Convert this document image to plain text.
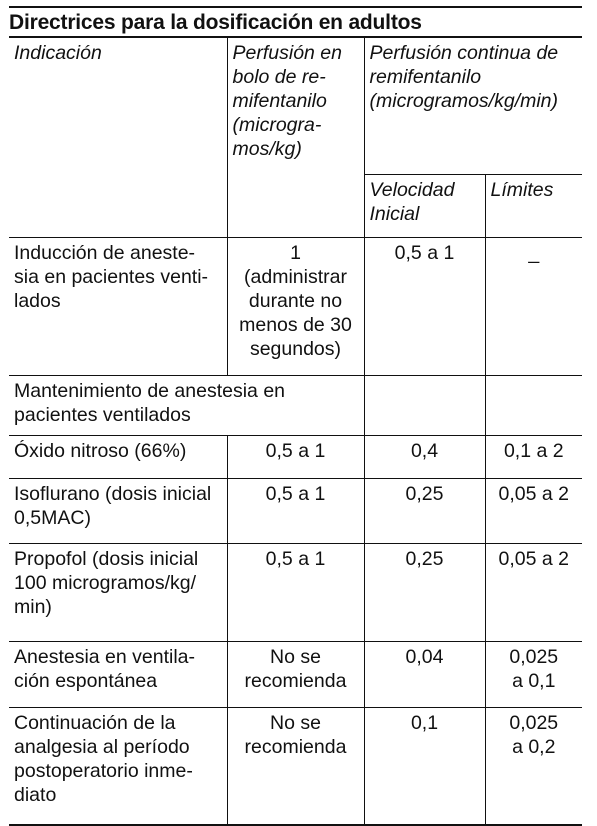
Directrices para la dosificación en adultos
Indicación	Perfusión en
bolo de re-
mifentanilo
(microgra-
mos/kg)	Perfusión continua de
remifentanilo
(microgramos/kg/min)	

		Velocidad
Inicial	Límites

Inducción de aneste-
sia en pacientes venti-
lados	1
(administrar
durante no
menos de 30
segundos)	0,5 a 1	_
Mantenimiento de anestesia en pacientes ventilados			
Óxido nitroso (66%)	0,5 a 1	0,4	0,1 a 2

Isoflurano (dosis inicial
0,5MAC)	0,5 a 1	0,25	0,05 a 2

Propofol (dosis inicial
100 microgramos/kg/
min)	0,5 a 1	0,25	0,05 a 2

Anestesia en ventila-
ción espontánea	No se
recomienda	0,04	0,025
a 0,1

Continuación de la
analgesia al período
postoperatorio inme-
diato	No se
recomienda	0,1	0,025
a 0,2
